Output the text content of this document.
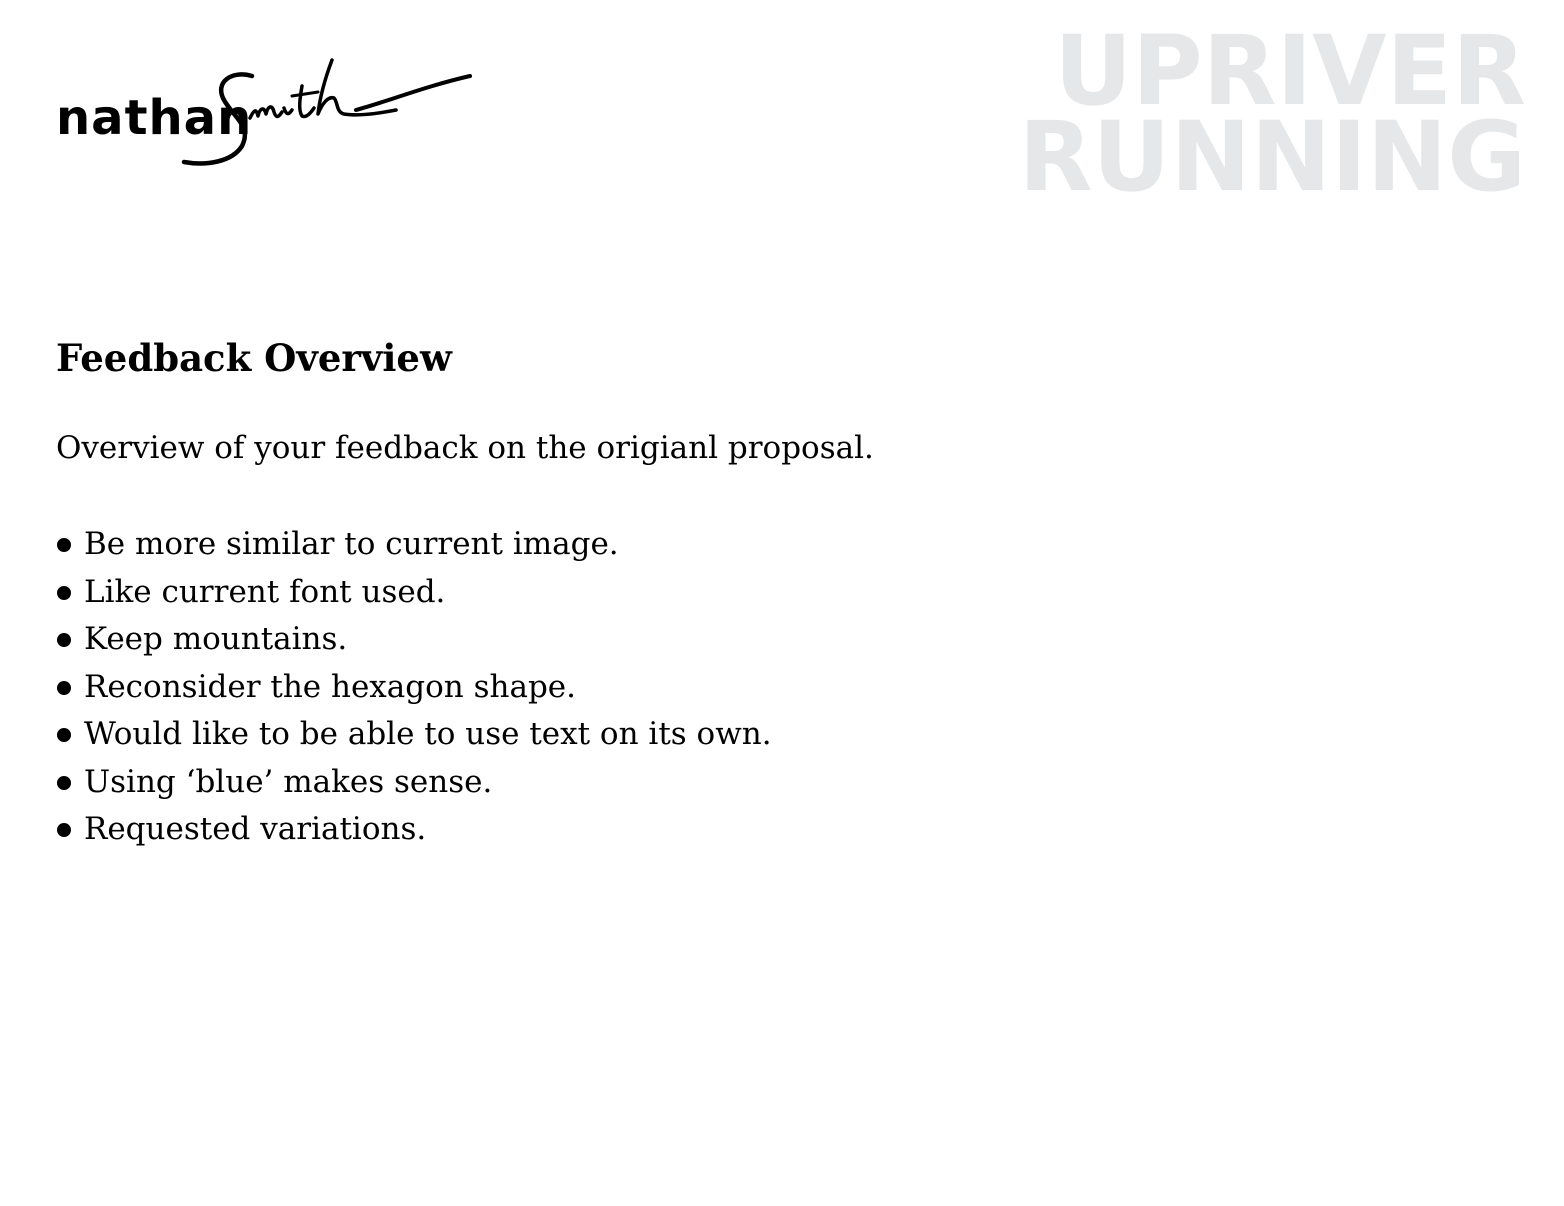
nathan	UPRIVER
RUNNING
Feedback Overview

Overview of your feedback on the origianl proposal.

Be more similar to current image.
Like current font used.
Keep mountains.
Reconsider the hexagon shape.
Would like to be able to use text on its own.
Using ‘blue’ makes sense.
Requested variations.
